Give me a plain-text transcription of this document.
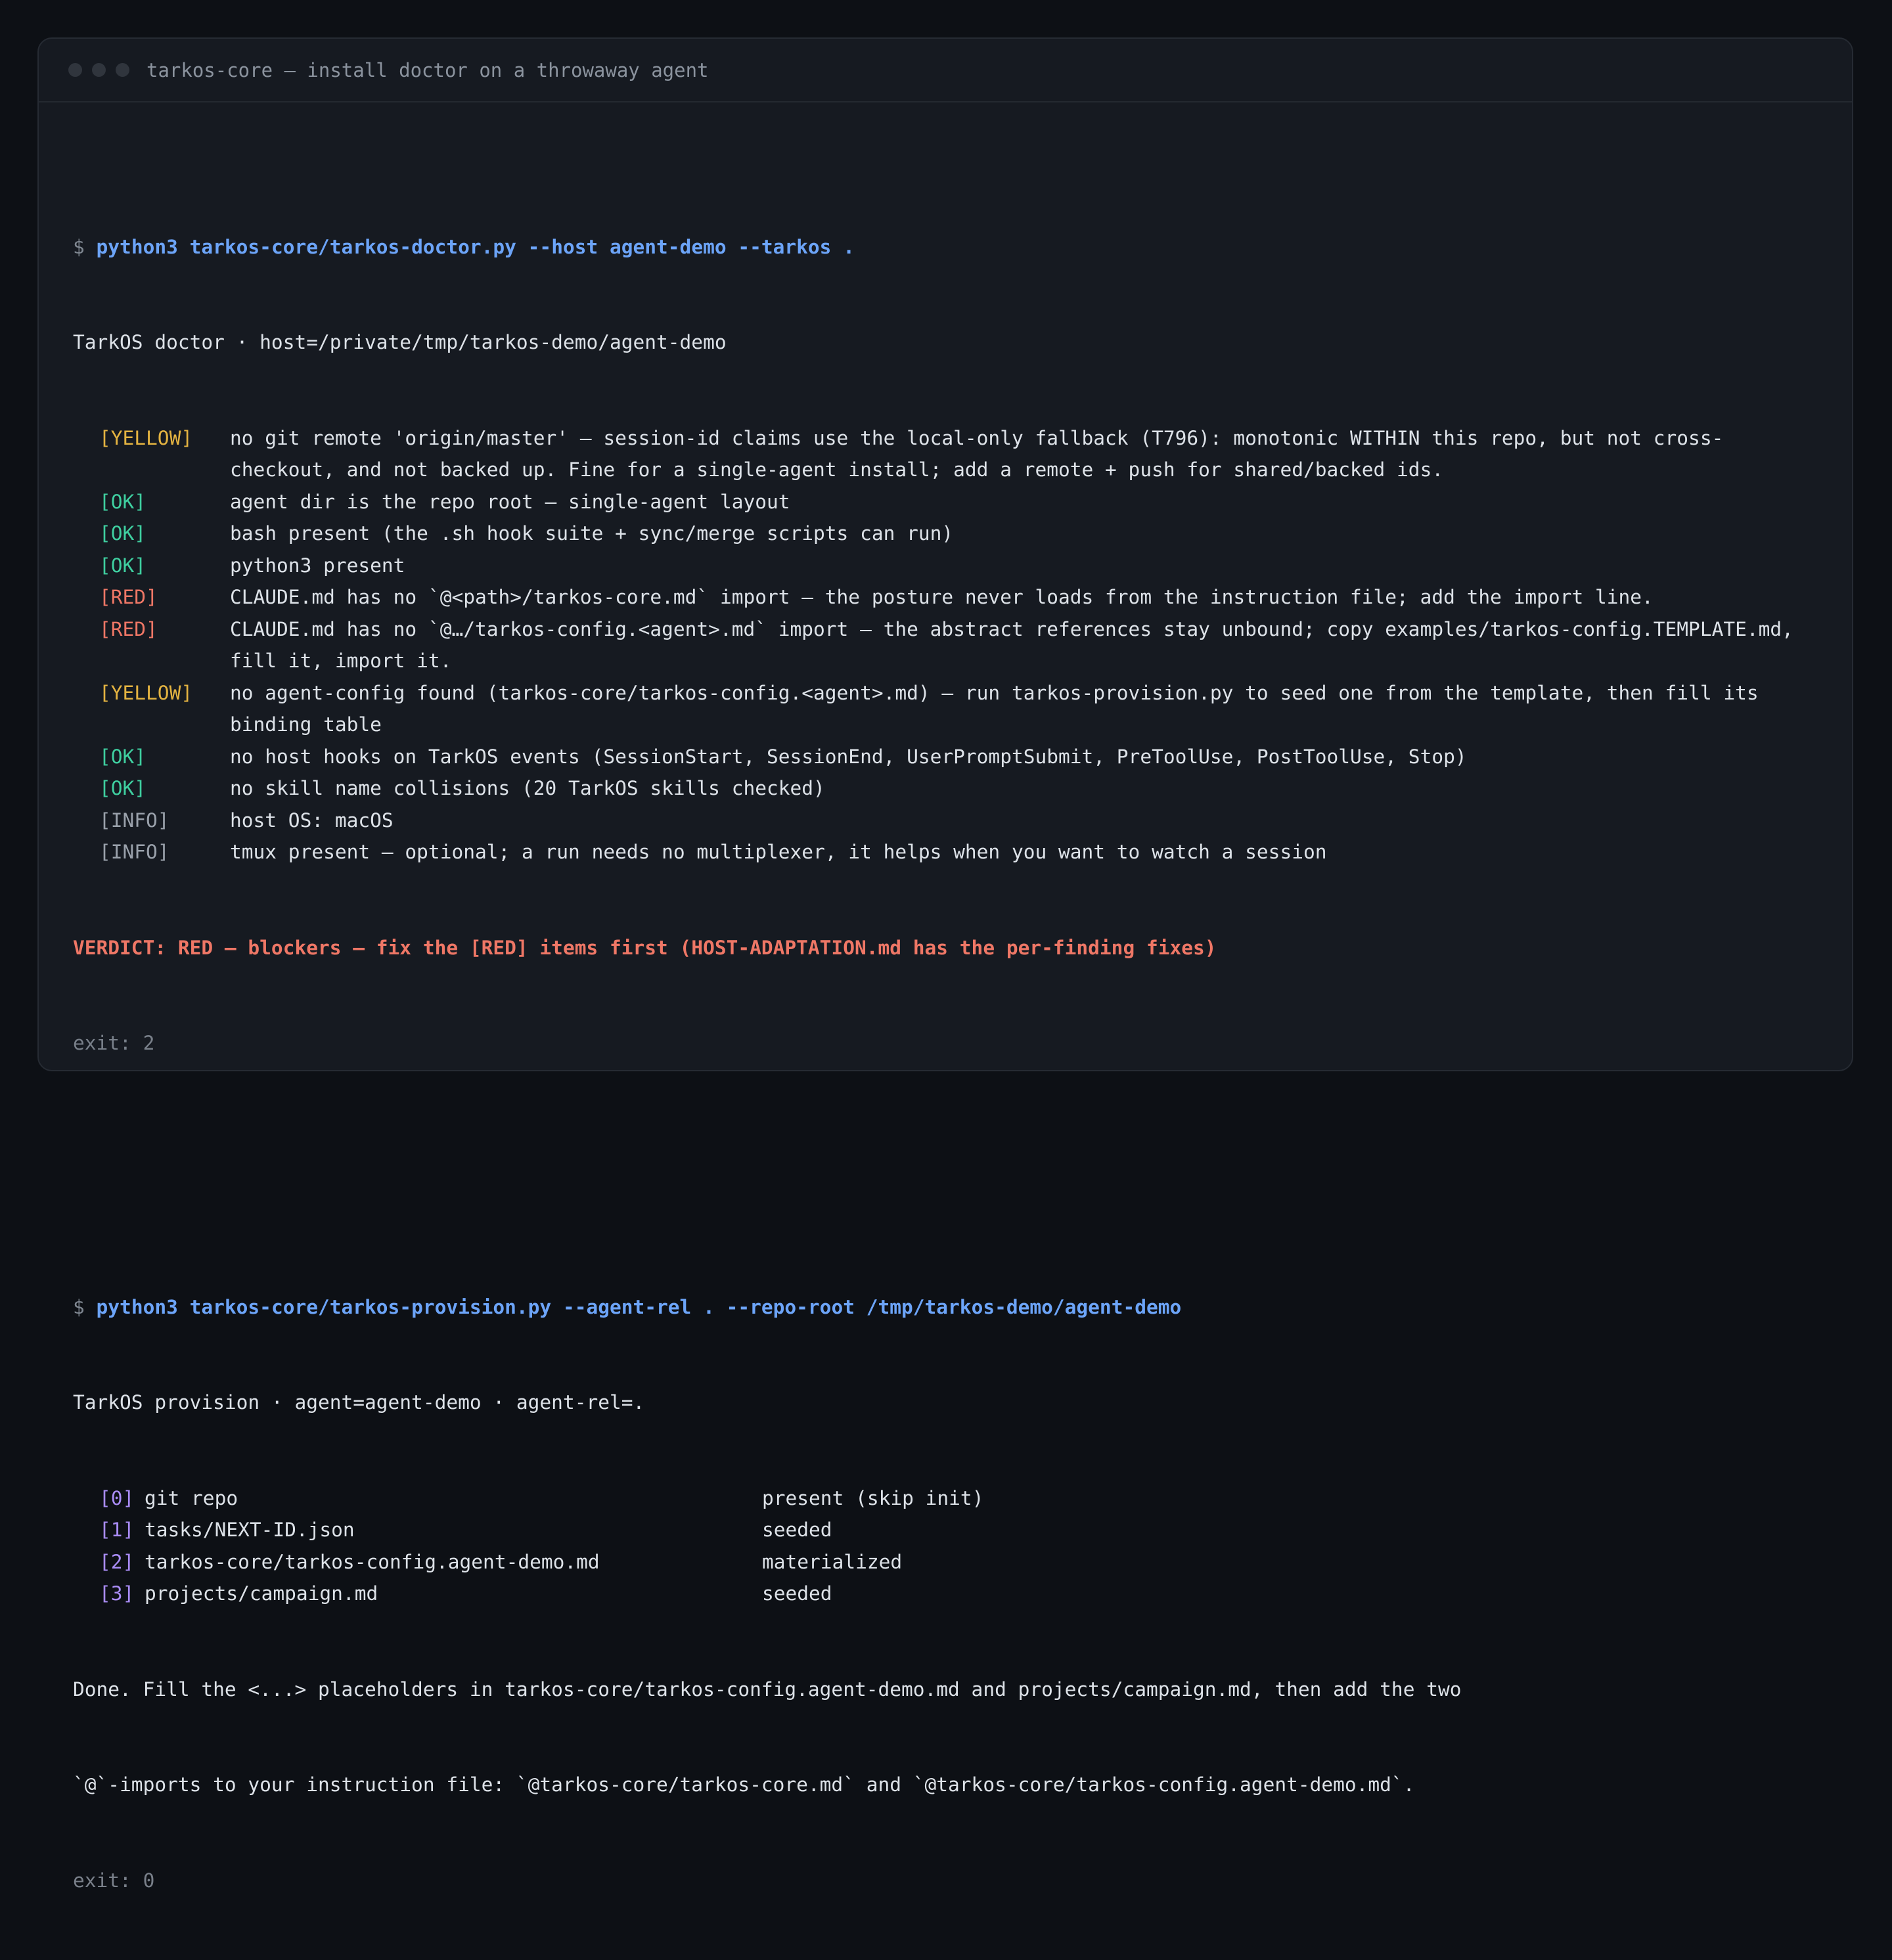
tarkos-core — install doctor on a throwaway agent

$ python3 tarkos-core/tarkos-doctor.py --host agent-demo --tarkos .

TarkOS doctor · host=/private/tmp/tarkos-demo/agent-demo

[YELLOW]	no git remote 'origin/master' — session-id claims use the local-only fallback (T796): monotonic WITHIN this repo, but not cross-
checkout, and not backed up. Fine for a single-agent install; add a remote + push for shared/backed ids.
[OK]	agent dir is the repo root — single-agent layout
[OK]	bash present (the .sh hook suite + sync/merge scripts can run)
[OK]	python3 present
[RED]	CLAUDE.md has no `@<path>/tarkos-core.md` import — the posture never loads from the instruction file; add the import line.
[RED]	CLAUDE.md has no `@…/tarkos-config.<agent>.md` import — the abstract references stay unbound; copy examples/tarkos-config.TEMPLATE.md,
fill it, import it.
[YELLOW]	no agent-config found (tarkos-core/tarkos-config.<agent>.md) — run tarkos-provision.py to seed one from the template, then fill its
binding table
[OK]	no host hooks on TarkOS events (SessionStart, SessionEnd, UserPromptSubmit, PreToolUse, PostToolUse, Stop)
[OK]	no skill name collisions (20 TarkOS skills checked)
[INFO]	host OS: macOS
[INFO]	tmux present — optional; a run needs no multiplexer, it helps when you want to watch a session

VERDICT: RED — blockers — fix the [RED] items first (HOST-ADAPTATION.md has the per-finding fixes)

exit: 2

$ python3 tarkos-core/tarkos-provision.py --agent-rel . --repo-root /tmp/tarkos-demo/agent-demo

TarkOS provision · agent=agent-demo · agent-rel=.

[0] git repo	present (skip init)
[1] tasks/NEXT-ID.json	seeded
[2] tarkos-core/tarkos-config.agent-demo.md	materialized
[3] projects/campaign.md	seeded

Done. Fill the <...> placeholders in tarkos-core/tarkos-config.agent-demo.md and projects/campaign.md, then add the two

`@`-imports to your instruction file: `@tarkos-core/tarkos-core.md` and `@tarkos-core/tarkos-config.agent-demo.md`.

exit: 0
